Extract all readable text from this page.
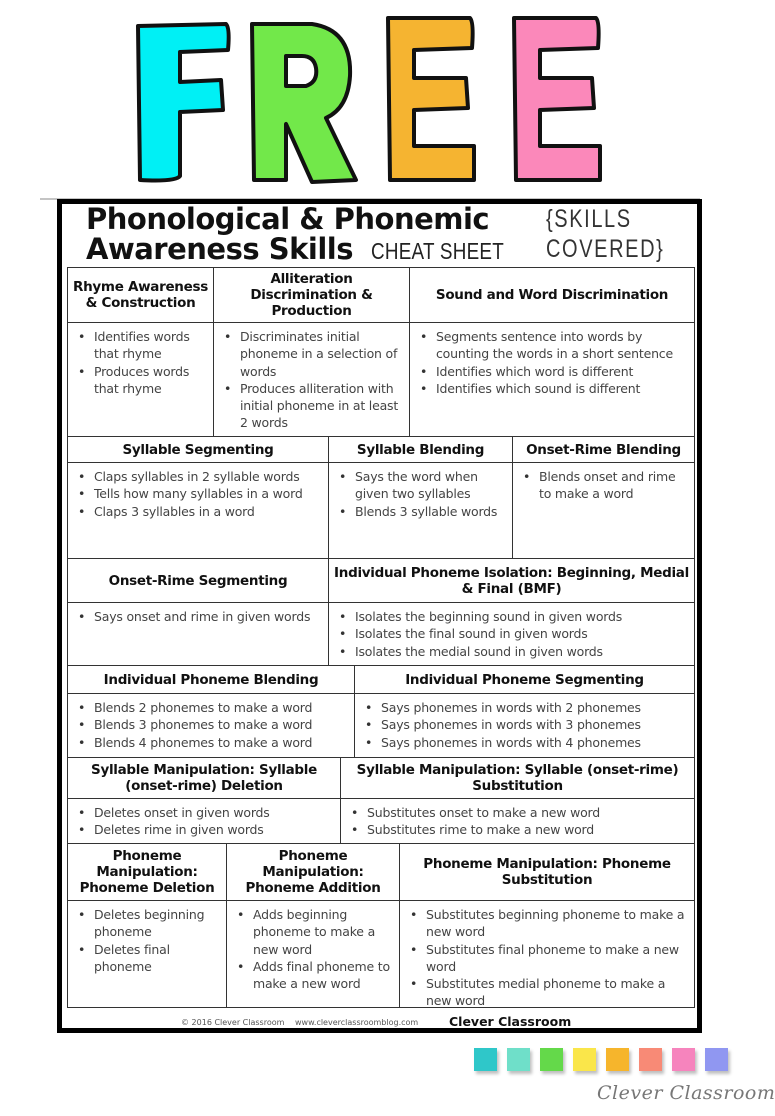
Phonological & Phonemic
Awareness Skills CHEAT SHEET
{SKILLS
COVERED}
Rhyme Awareness & Construction
• Identifies words that rhyme
• Produces words that rhyme
Alliteration Discrimination & Production
• Discriminates initial phoneme in a selection of words
• Produces alliteration with initial phoneme in at least 2 words
Sound and Word Discrimination
• Segments sentence into words by counting the words in a short sentence
• Identifies which word is different
• Identifies which sound is different
Syllable Segmenting
• Claps syllables in 2 syllable words
• Tells how many syllables in a word
• Claps 3 syllables in a word
Syllable Blending
• Says the word when given two syllables
• Blends 3 syllable words
Onset-Rime Blending
• Blends onset and rime to make a word
Onset-Rime Segmenting
• Says onset and rime in given words
Individual Phoneme Isolation: Beginning, Medial & Final (BMF)
• Isolates the beginning sound in given words
• Isolates the final sound in given words
• Isolates the medial sound in given words
Individual Phoneme Blending
• Blends 2 phonemes to make a word
• Blends 3 phonemes to make a word
• Blends 4 phonemes to make a word
Individual Phoneme Segmenting
• Says phonemes in words with 2 phonemes
• Says phonemes in words with 3 phonemes
• Says phonemes in words with 4 phonemes
Syllable Manipulation: Syllable (onset-rime) Deletion
• Deletes onset in given words
• Deletes rime in given words
Syllable Manipulation: Syllable (onset-rime) Substitution
• Substitutes onset to make a new word
• Substitutes rime to make a new word
Phoneme Manipulation: Phoneme Deletion
• Deletes beginning phoneme
• Deletes final phoneme
Phoneme Manipulation: Phoneme Addition
• Adds beginning phoneme to make a new word
• Adds final phoneme to make a new word
Phoneme Manipulation: Phoneme Substitution
• Substitutes beginning phoneme to make a new word
• Substitutes final phoneme to make a new word
• Substitutes medial phoneme to make a new word
© 2016 Clever Classroom www.cleverclassroomblog.com Clever Classroom
Clever Classroom
